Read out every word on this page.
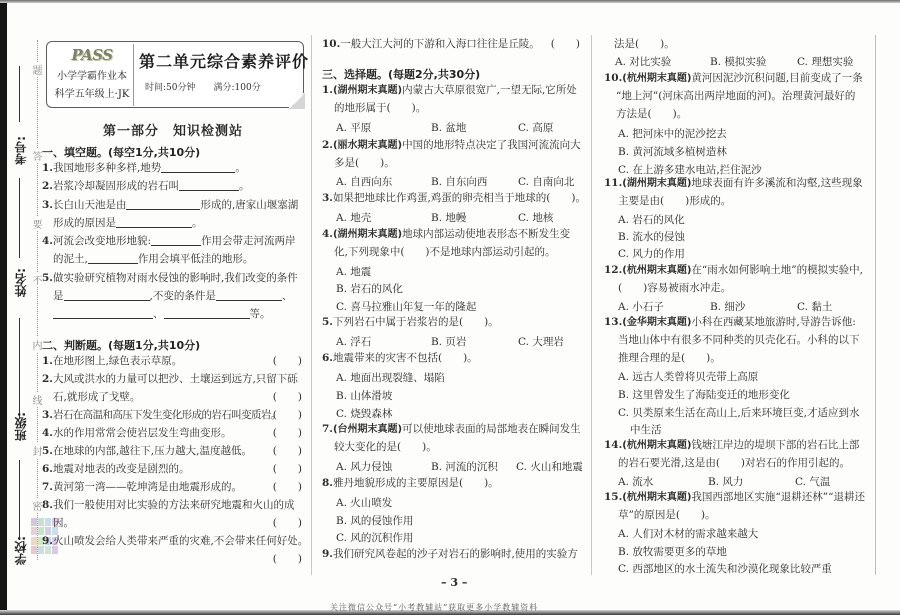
考号:
姓名:
班级:
学校:
题
答
要
不
内
线
封
密
PASS
小学学霸作业本
科学五年级上·JK
第二单元综合素养评价
时间:50分钟 满分:100分
第一部分　知识检测站
一、填空题。(每空1分,共10分)
1.我国地形多种多样,地势	。
2.岩浆冷却凝固形成的岩石叫	。
3.长白山天池是由	形成的,唐家山堰塞湖
形成的原因是	。
4.河流会改变地形地貌:	作用会带走河流两岸
的泥土,	作用会填平低洼的地形。
5.做实验研究植物对雨水侵蚀的影响时,我们改变的条件
是	,不变的条件是	、
、	等。
二、判断题。(每题1分,共10分)
1.在地形图上,绿色表示草原。	(　　)
2.大风或洪水的力量可以把沙、土壤运到远方,只留下砾
石,就形成了戈壁。	(　　)
3.岩石在高温和高压下发生变化形成的岩石叫变质岩。
(　　)
4.水的作用常常会使岩层发生弯曲变形。	(　　)
5.在地球的内部,越往下,压力越大,温度越低。 (　　)
6.地震对地表的改变是剧烈的。	(　　)
7.黄河第一湾——乾坤湾是由地震形成的。	(　　)
8.我们一般使用对比实验的方法来研究地震和火山的成
因。	(　　)
9.火山喷发会给人类带来严重的灾难,不会带来任何好处。
(　　)
10.一般大江大河的下游和入海口往往是丘陵。 (　　)
三、选择题。(每题2分,共30分)
1.(湖州期末真题)内蒙古大草原很宽广,一望无际,它所处
的地形属于(　　)。
A. 平原	B. 盆地	C. 高原
2.(丽水期末真题)中国的地形特点决定了我国河流流向大
多是(　　)。
A. 自西向东	B. 自东向西	C. 自南向北
3.如果把地球比作鸡蛋,鸡蛋的卵壳相当于地球的(　　)。
A. 地壳	B. 地幔	C. 地核
4.(湖州期末真题)地球内部运动使地表形态不断发生变
化,下列现象中(　　)不是地球内部运动引起的。
A. 地震
B. 岩石的风化
C. 喜马拉雅山年复一年的隆起
5.下列岩石中属于岩浆岩的是(　　)。
A. 浮石	B. 页岩	C. 大理岩
6.地震带来的灾害不包括(　　)。
A. 地面出现裂缝、塌陷
B. 山体滑坡
C. 烧毁森林
7.(台州期末真题)可以使地球表面的局部地表在瞬间发生
较大变化的是(　　)。
A. 风力侵蚀	B. 河流的沉积 C. 火山和地震
8.雅丹地貌形成的主要原因是(　　)。
A. 火山喷发
B. 风的侵蚀作用
C. 风的沉积作用
9.我们研究风卷起的沙子对岩石的影响时,使用的实验方
法是(　　)。
A. 对比实验	B. 模拟实验	C. 理想实验
10.(杭州期末真题)黄河因泥沙沉积问题,目前变成了一条
“地上河”(河床高出两岸地面的河)。治理黄河最好的
方法是(　　)。
A. 把河床中的泥沙挖去
B. 黄河流域多植树造林
C. 在上游多建水电站,拦住泥沙
11.(湖州期末真题)地球表面有许多溪流和沟壑,这些现象
主要是由(　　)形成的。
A. 岩石的风化
B. 流水的侵蚀
C. 风力的作用
12.(杭州期末真题)在“雨水如何影响土地”的模拟实验中,
(　　)容易被雨水冲走。
A. 小石子	B. 细沙	C. 黏土
13.(金华期末真题)小科在西藏某地旅游时,导游告诉他:
当地山体中有很多不同种类的贝壳化石。小科的以下
推理合理的是(　　)。
A. 远古人类曾将贝壳带上高原
B. 这里曾发生了海陆变迁的地形变化
C. 贝类原来生活在高山上,后来环境巨变,才适应到水
中生活
14.(杭州期末真题)钱塘江岸边的堤坝下部的岩石比上部
的岩石要光滑,这是由(　　)对岩石的作用引起的。
A. 流水	B. 风力	C. 气温
15.(杭州期末真题)我国西部地区实施“退耕还林”“退耕还
草”的原因是(　　)。
A. 人们对木材的需求越来越大
B. 放牧需要更多的草地
C. 西部地区的水土流失和沙漠化现象比较严重
– 3 –
关注微信公众号“小考教辅站”获取更多小学教辅资料
